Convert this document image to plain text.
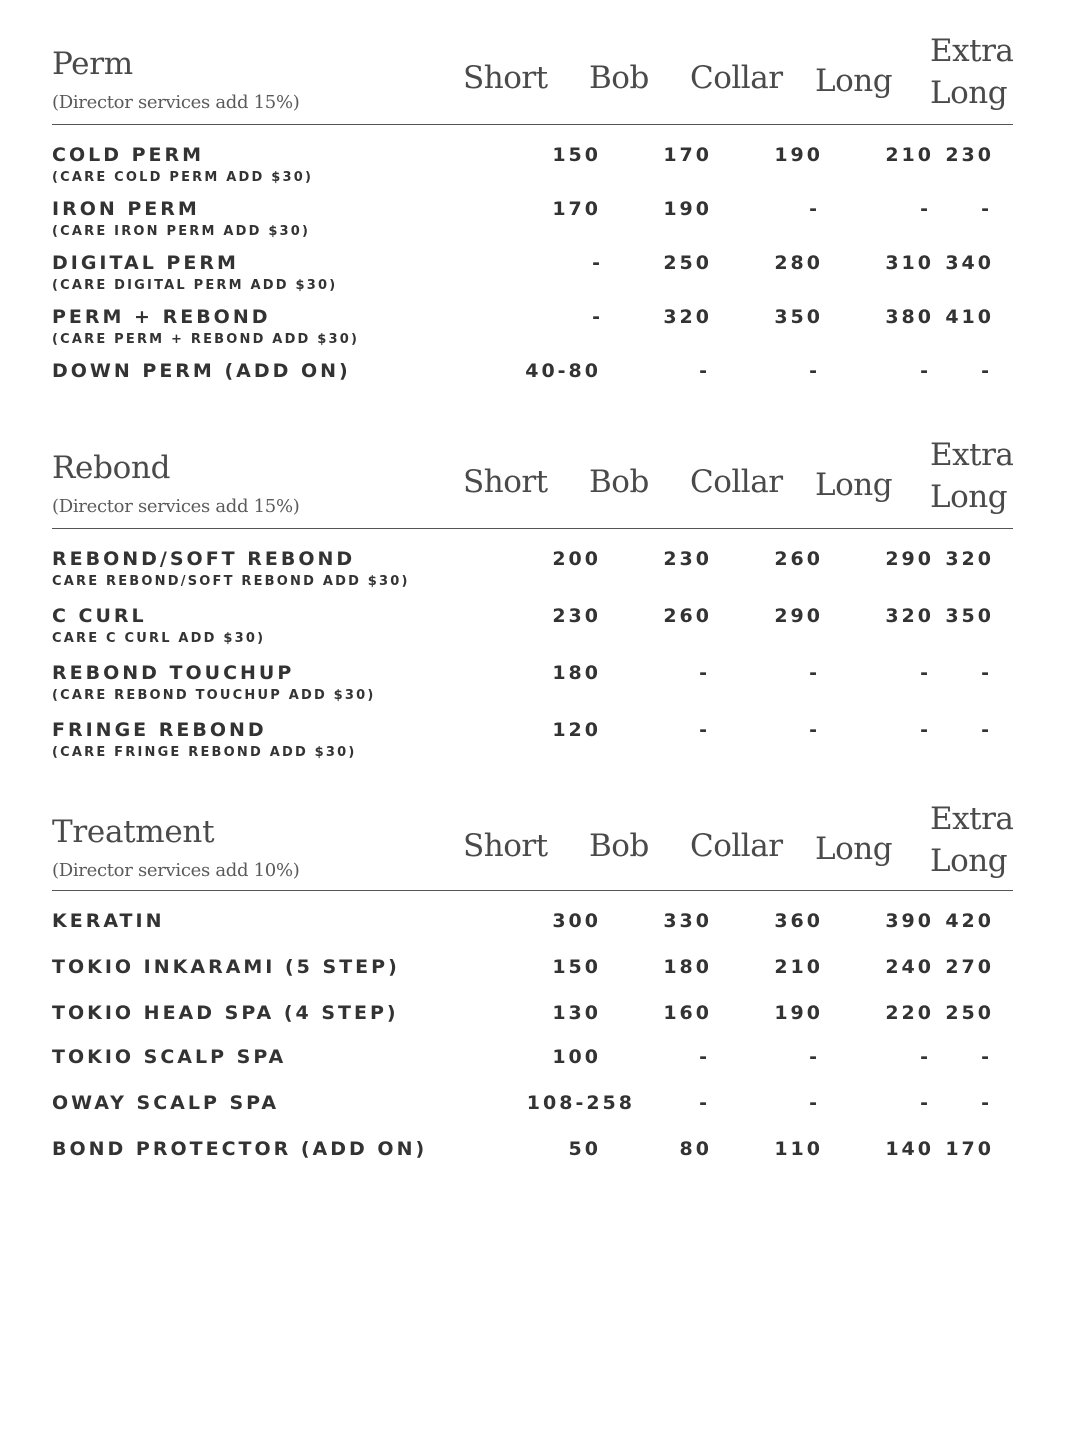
Perm
(Director services add 15%)
Short Bob Collar Long
Extra
Long
COLD PERM
(CARE COLD PERM ADD $30)
150	170	190	210 230
IRON PERM
(CARE IRON PERM ADD $30)
170	190	-	-	-
DIGITAL PERM
(CARE DIGITAL PERM ADD $30)
-	250	280	310 340
PERM + REBOND
(CARE PERM + REBOND ADD $30)
-	320	350	380 410
DOWN PERM (ADD ON)	40-80	-	-	-	-
Rebond
(Director services add 15%)
Short Bob Collar Long
Extra
Long
REBOND/SOFT REBOND
CARE REBOND/SOFT REBOND ADD $30)
200	230	260	290 320
C CURL
CARE C CURL ADD $30)
230	260	290	320 350
REBOND TOUCHUP
(CARE REBOND TOUCHUP ADD $30)
180	-	-	-	-
FRINGE REBOND
(CARE FRINGE REBOND ADD $30)
120	-	-	-	-
Treatment
(Director services add 10%)
Short Bob Collar Long
Extra
Long
KERATIN	300	330	360	390 420
TOKIO INKARAMI (5 STEP)	150	180	210	240 270
TOKIO HEAD SPA (4 STEP)	130	160	190	220 250
TOKIO SCALP SPA	100	-	-	-	-
OWAY SCALP SPA	108-258	-	-	-	-
BOND PROTECTOR (ADD ON)	50	80	110	140 170
